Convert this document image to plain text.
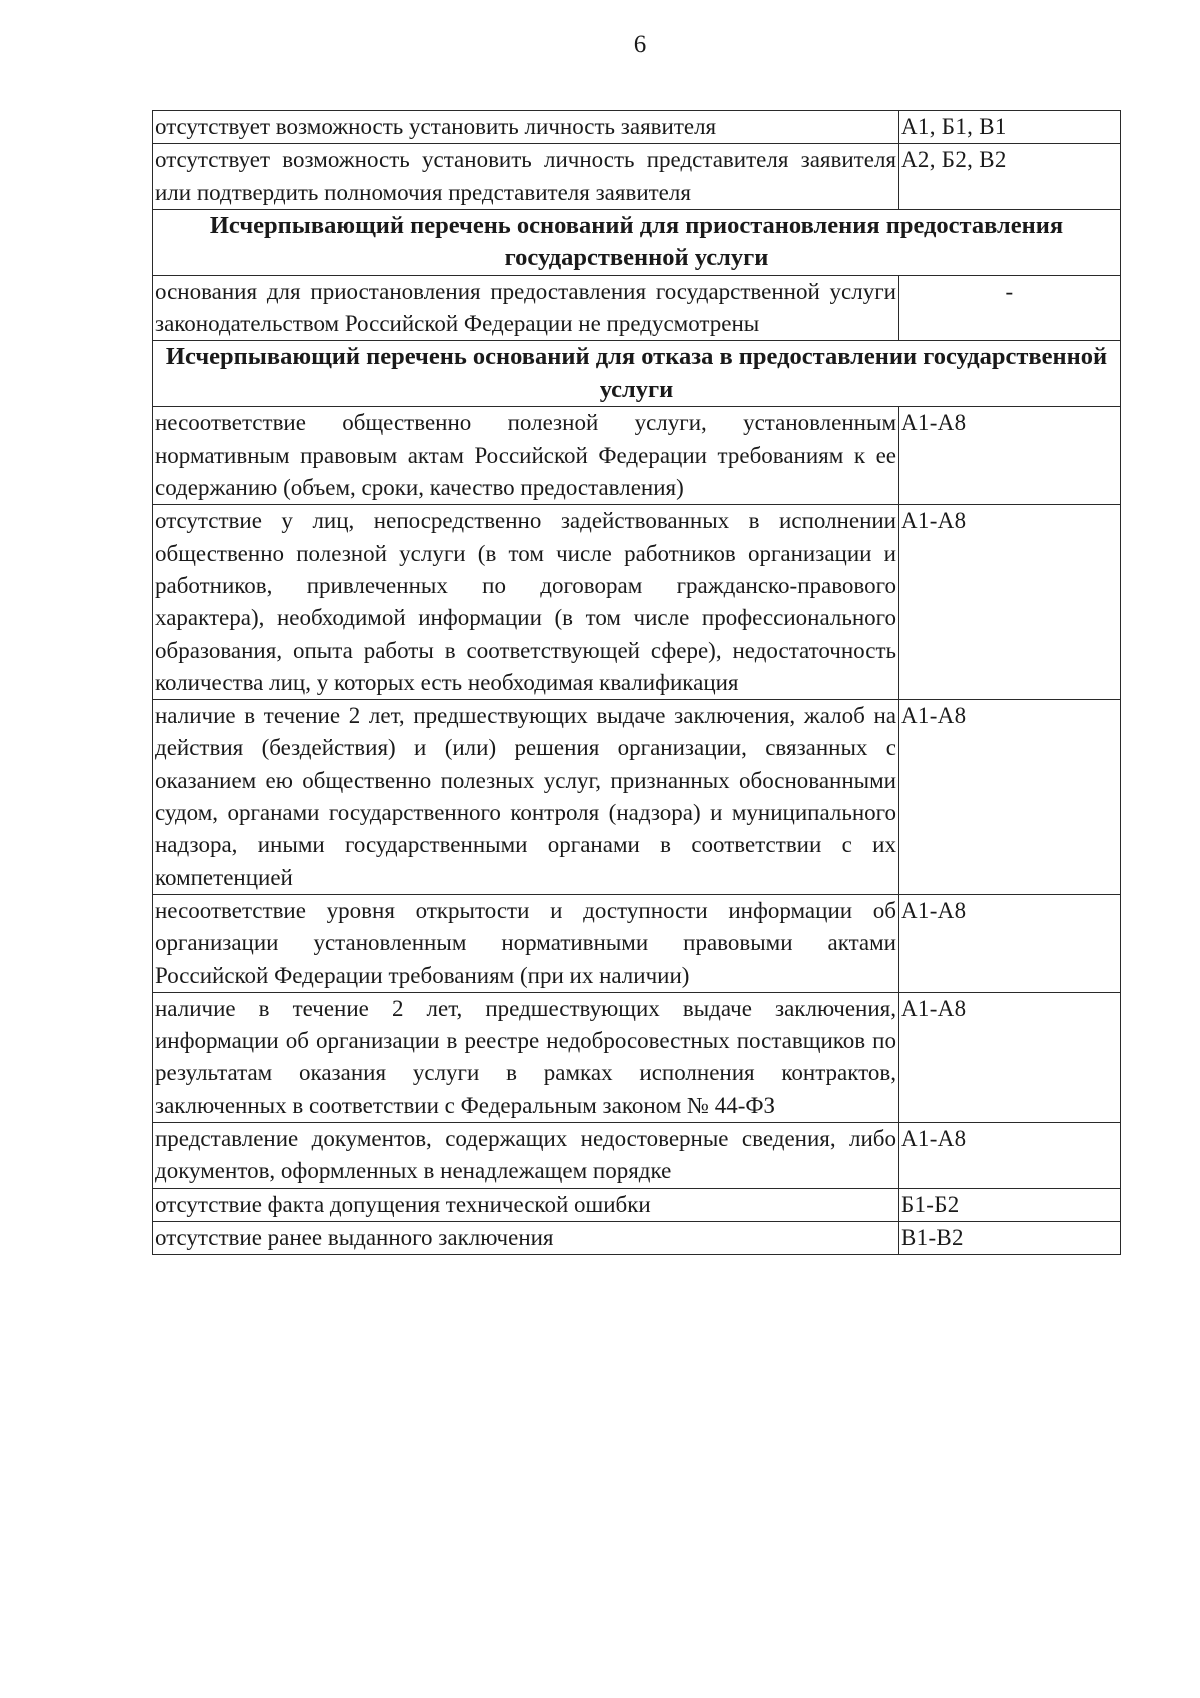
6
отсутствует возможность установить личность заявителя	А1, Б1, В1
отсутствует возможность установить личность представителя заявителя или подтвердить полномочия представителя заявителя	А2, Б2, В2
Исчерпывающий перечень оснований для приостановления предоставления государственной услуги	
основания для приостановления предоставления государственной услуги законодательством Российской Федерации не предусмотрены	-
Исчерпывающий перечень оснований для отказа в предоставлении государственной услуги	
несоответствие общественно полезной услуги, установленным нормативным правовым актам Российской Федерации требованиям к ее содержанию (объем, сроки, качество предоставления)	А1-А8
отсутствие у лиц, непосредственно задействованных в исполнении общественно полезной услуги (в том числе работников организации и работников, привлеченных по договорам гражданско-правового характера), необходимой информации (в том числе профессионального образования, опыта работы в соответствующей сфере), недостаточность количества лиц, у которых есть необходимая квалификация	А1-А8
наличие в течение 2 лет, предшествующих выдаче заключения, жалоб на действия (бездействия) и (или) решения организации, связанных с оказанием ею общественно полезных услуг, признанных обоснованными судом, органами государственного контроля (надзора) и муниципального надзора, иными государственными органами в соответствии с их компетенцией	А1-А8
несоответствие уровня открытости и доступности информации об организации установленным нормативными правовыми актами Российской Федерации требованиям (при их наличии)	А1-А8
наличие в течение 2 лет, предшествующих выдаче заключения, информации об организации в реестре недобросовестных поставщиков по результатам оказания услуги в рамках исполнения контрактов, заключенных в соответствии с Федеральным законом № 44-ФЗ	А1-А8
представление документов, содержащих недостоверные сведения, либо документов, оформленных в ненадлежащем порядке	А1-А8
отсутствие факта допущения технической ошибки	Б1-Б2
отсутствие ранее выданного заключения	В1-В2
